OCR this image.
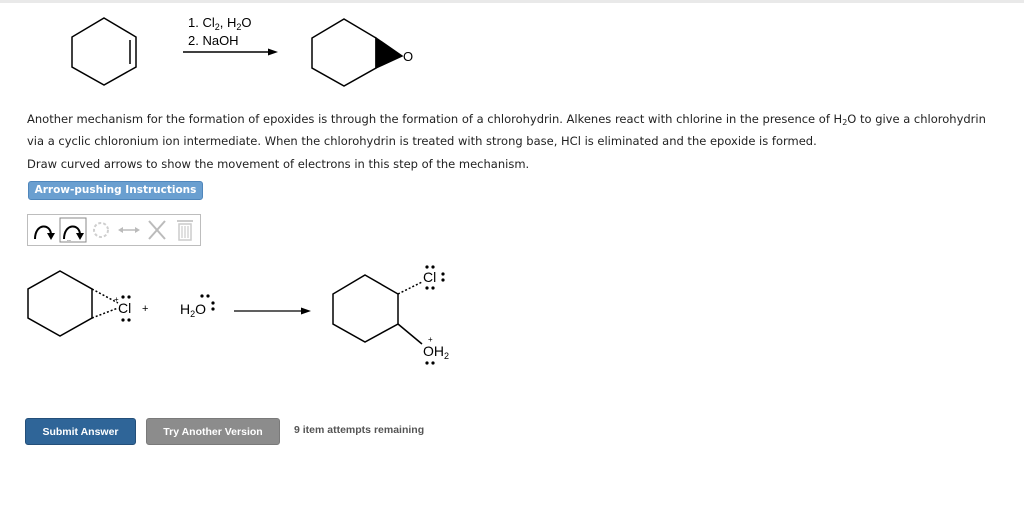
1. $Cl_2$, $H_2O$
2. NaOH
O
Another mechanism for the formation of epoxides is through the formation of a chlorohydrin. Alkenes react with chlorine in the presence of $H_2O$ to give a chlorohydrin
via a cyclic chloronium ion intermediate. When the chlorohydrin is treated with strong base, HCl is eliminated and the epoxide is formed.
Draw curved arrows to show the movement of electrons in this step of the mechanism.
Arrow-pushing Instructions
..
Cl
+
+ $H_2O$
Cl
+
$OH_2$
Submit Answer	Try Another Version	9 item attempts remaining
